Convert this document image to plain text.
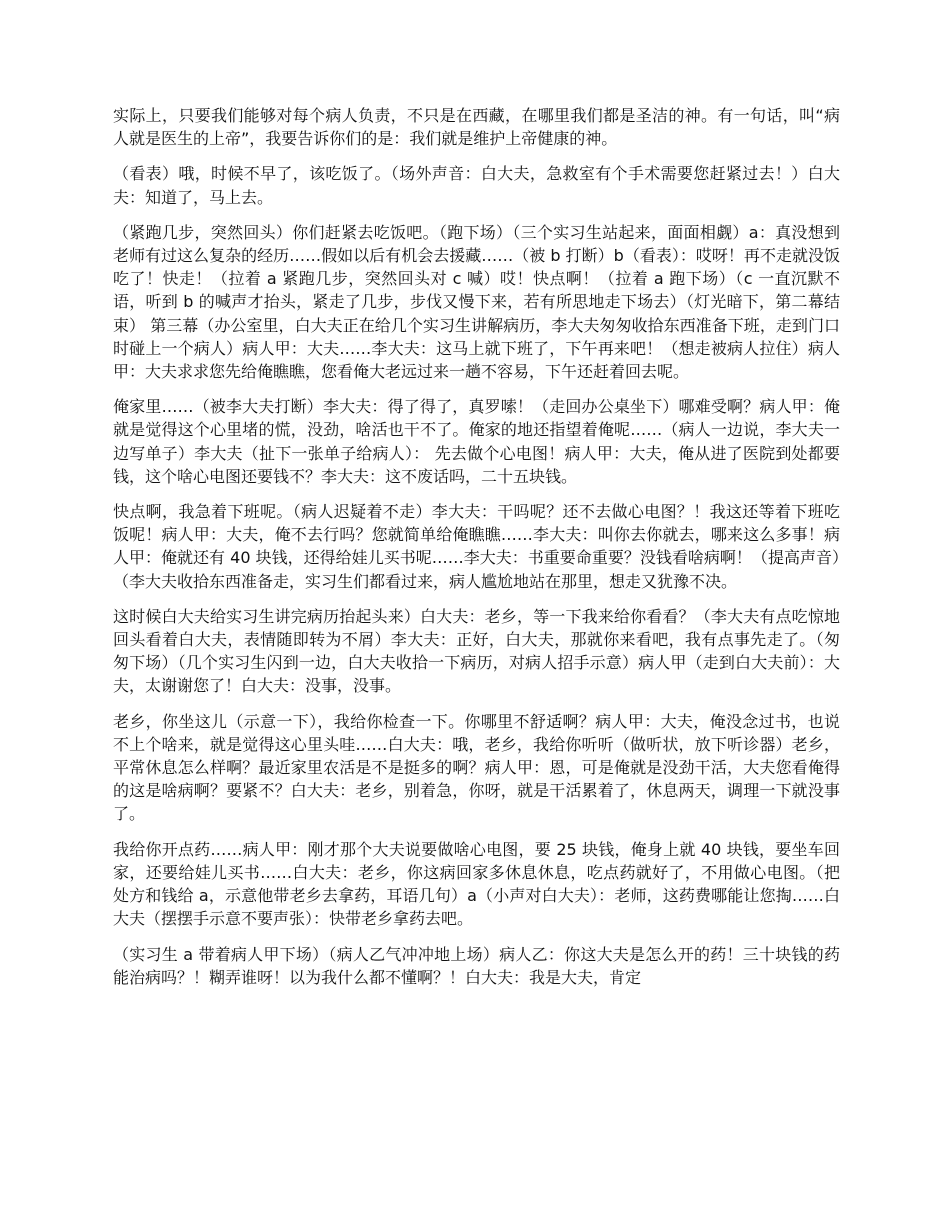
实际上，只要我们能够对每个病人负责，不只是在西藏，在哪里我们都是圣洁的神。有一句话，叫“病人就是医生的上帝”，我要告诉你们的是：我们就是维护上帝健康的神。

（看表）哦，时候不早了，该吃饭了。（场外声音：白大夫，急救室有个手术需要您赶紧过去！）白大夫：知道了，马上去。

（紧跑几步，突然回头）你们赶紧去吃饭吧。（跑下场）（三个实习生站起来，面面相觑）a：真没想到老师有过这么复杂的经历……假如以后有机会去援藏……（被 b 打断）b（看表）：哎呀！再不走就没饭吃了！快走！（拉着 a 紧跑几步，突然回头对 c 喊）哎！快点啊！（拉着 a 跑下场）（c 一直沉默不语，听到 b 的喊声才抬头，紧走了几步，步伐又慢下来，若有所思地走下场去）（灯光暗下，第二幕结束） 第三幕（办公室里，白大夫正在给几个实习生讲解病历，李大夫匆匆收拾东西准备下班，走到门口时碰上一个病人）病人甲：大夫……李大夫：这马上就下班了，下午再来吧！（想走被病人拉住）病人甲：大夫求求您先给俺瞧瞧，您看俺大老远过来一趟不容易，下午还赶着回去呢。

俺家里……（被李大夫打断）李大夫：得了得了，真罗嗦！（走回办公桌坐下）哪难受啊？病人甲：俺就是觉得这个心里堵的慌，没劲，啥活也干不了。俺家的地还指望着俺呢……（病人一边说，李大夫一边写单子）李大夫（扯下一张单子给病人）： 先去做个心电图！病人甲：大夫，俺从进了医院到处都要钱，这个啥心电图还要钱不？李大夫：这不废话吗，二十五块钱。

快点啊，我急着下班呢。（病人迟疑着不走）李大夫：干吗呢？还不去做心电图？！我这还等着下班吃饭呢！病人甲：大夫，俺不去行吗？您就简单给俺瞧瞧……李大夫：叫你去你就去，哪来这么多事！病人甲：俺就还有 40 块钱，还得给娃儿买书呢……李大夫：书重要命重要？没钱看啥病啊！（提高声音）（李大夫收拾东西准备走，实习生们都看过来，病人尴尬地站在那里，想走又犹豫不决。

这时候白大夫给实习生讲完病历抬起头来）白大夫：老乡，等一下我来给你看看？（李大夫有点吃惊地回头看着白大夫，表情随即转为不屑）李大夫：正好，白大夫，那就你来看吧，我有点事先走了。（匆匆下场）（几个实习生闪到一边，白大夫收拾一下病历，对病人招手示意）病人甲（走到白大夫前）：大夫，太谢谢您了！白大夫：没事，没事。

老乡，你坐这儿（示意一下），我给你检查一下。你哪里不舒适啊？病人甲：大夫，俺没念过书，也说不上个啥来，就是觉得这心里头哇……白大夫：哦，老乡，我给你听听（做听状，放下听诊器）老乡，平常休息怎么样啊？最近家里农活是不是挺多的啊？病人甲：恩，可是俺就是没劲干活，大夫您看俺得的这是啥病啊？要紧不？白大夫：老乡，别着急，你呀，就是干活累着了，休息两天，调理一下就没事了。

我给你开点药……病人甲：刚才那个大夫说要做啥心电图，要 25 块钱，俺身上就 40 块钱，要坐车回家，还要给娃儿买书……白大夫：老乡，你这病回家多休息休息，吃点药就好了，不用做心电图。（把处方和钱给 a，示意他带老乡去拿药，耳语几句）a（小声对白大夫）：老师，这药费哪能让您掏……白大夫（摆摆手示意不要声张）：快带老乡拿药去吧。

（实习生 a 带着病人甲下场）（病人乙气冲冲地上场）病人乙：你这大夫是怎么开的药！三十块钱的药能治病吗？！糊弄谁呀！以为我什么都不懂啊？！白大夫：我是大夫，肯定
